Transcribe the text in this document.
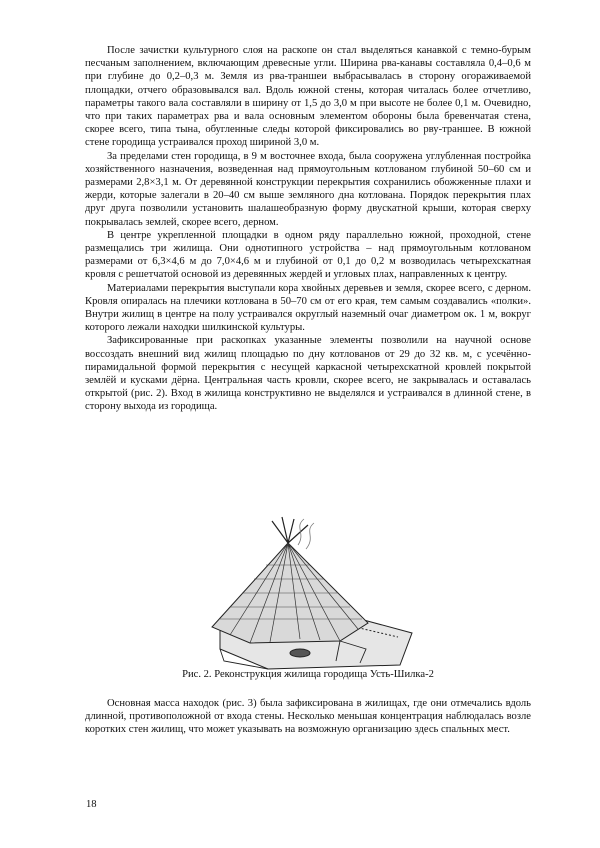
После зачистки культурного слоя на раскопе он стал выделяться канавкой с темно-бурым песчаным заполнением, включающим древесные угли. Ширина рва-канавы составляла 0,4–0,6 м при глубине до 0,2–0,3 м. Земля из рва-траншеи выбрасывалась в сторону огораживаемой площадки, отчего образовывался вал. Вдоль южной стены, которая читалась более отчетливо, параметры такого вала составляли в ширину от 1,5 до 3,0 м при высоте не более 0,1 м. Очевидно, что при таких параметрах рва и вала основным элементом обороны была бревенчатая стена, скорее всего, типа тына, обугленные следы которой фиксировались во рву-траншее. В южной стене городища устраивался проход шириной 3,0 м.

За пределами стен городища, в 9 м восточнее входа, была сооружена углубленная постройка хозяйственного назначения, возведенная над прямоугольным котлованом глубиной 50–60 см и размерами 2,8×3,1 м. От деревянной конструкции перекрытия сохранились обожженные плахи и жерди, которые залегали в 20–40 см выше земляного дна котлована. Порядок перекрытия плах друг друга позволили установить шалашеобразную форму двускатной крыши, которая сверху покрывалась землей, скорее всего, дерном.

В центре укрепленной площадки в одном ряду параллельно южной, проходной, стене размещались три жилища. Они однотипного устройства – над прямоугольным котлованом размерами от 6,3×4,6 м до 7,0×4,6 м и глубиной от 0,1 до 0,2 м возводилась четырехскатная кровля с решетчатой основой из деревянных жердей и угловых плах, направленных к центру.

Материалами перекрытия выступали кора хвойных деревьев и земля, скорее всего, с дерном. Кровля опиралась на плечики котлована в 50–70 см от его края, тем самым создавались «полки». Внутри жилищ в центре на полу устраивался округлый наземный очаг диаметром ок. 1 м, вокруг которого лежали находки шилкинской культуры.

Зафиксированные при раскопках указанные элементы позволили на научной основе воссоздать внешний вид жилищ площадью по дну котлованов от 29 до 32 кв. м, с усечённо-пирамидальной формой перекрытия с несущей каркасной четырехскатной кровлей покрытой землёй и кусками дёрна. Центральная часть кровли, скорее всего, не закрывалась и оставалась открытой (рис. 2). Вход в жилища конструктивно не выделялся и устраивался в длинной стене, в сторону выхода из городища.

Рис. 2. Реконструкция жилища городища Усть-Шилка-2

Основная масса находок (рис. 3) была зафиксирована в жилищах, где они отмечались вдоль длинной, противоположной от входа стены. Несколько меньшая концентрация наблюдалась возле коротких стен жилищ, что может указывать на возможную организацию здесь спальных мест.

18
